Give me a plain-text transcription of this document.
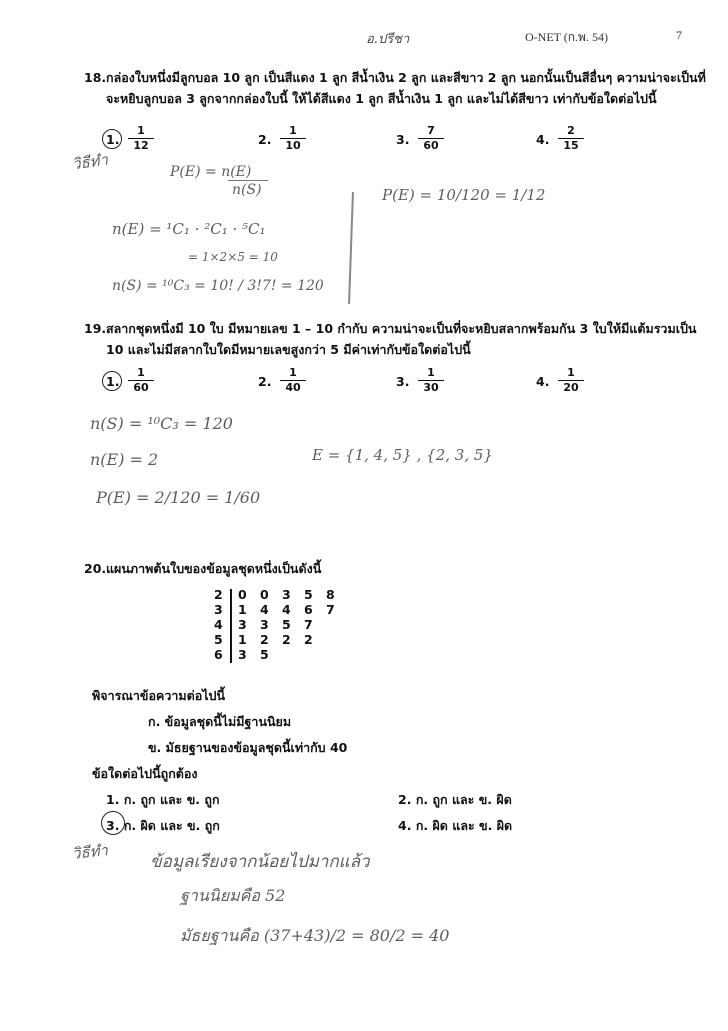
อ.ปรีชา	O-NET (ก.พ. 54)	7
18.กล่องใบหนึ่งมีลูกบอล 10 ลูก เป็นสีแดง 1 ลูก สีน้ำเงิน 2 ลูก และสีขาว 2 ลูก นอกนั้นเป็นสีอื่นๆ ความน่าจะเป็นที่
จะหยิบลูกบอล 3 ลูกจากกล่องใบนี้ ให้ได้สีแดง 1 ลูก สีน้ำเงิน 1 ลูก และไม่ได้สีขาว เท่ากับข้อใดต่อไปนี้
1. $\frac{1}{12}$	2. $\frac{1}{10}$	3. $\frac{7}{60}$	4. $\frac{2}{15}$
วิธีทำ	P(E) = n(E)
n(S)
n(E) = ¹C₁ · ²C₁ · ⁵C₁
= 1×2×5 = 10
n(S) = ¹⁰C₃ = 10! / 3!7! = 120
P(E) = 10/120 = 1/12
19.สลากชุดหนึ่งมี 10 ใบ มีหมายเลข 1 – 10 กำกับ ความน่าจะเป็นที่จะหยิบสลากพร้อมกัน 3 ใบให้มีแต้มรวมเป็น
10 และไม่มีสลากใบใดมีหมายเลขสูงกว่า 5 มีค่าเท่ากับข้อใดต่อไปนี้
1. $\frac{1}{60}$	2. $\frac{1}{40}$	3. $\frac{1}{30}$	4. $\frac{1}{20}$
n(S) = ¹⁰C₃ = 120
n(E) = 2	E = {1, 4, 5} , {2, 3, 5}
P(E) = 2/120 = 1/60
20.แผนภาพต้นใบของข้อมูลชุดหนึ่งเป็นดังนี้
2 0 0 3 5 8
3 1 4 4 6 7
4 3 3 5 7
5 1 2 2 2
6 3 5
พิจารณาข้อความต่อไปนี้
ก. ข้อมูลชุดนี้ไม่มีฐานนิยม
ข. มัธยฐานของข้อมูลชุดนี้เท่ากับ 40
ข้อใดต่อไปนี้ถูกต้อง
1. ก. ถูก และ ข. ถูก	2. ก. ถูก และ ข. ผิด
3. ก. ผิด และ ข. ถูก	4. ก. ผิด และ ข. ผิด
วิธีทำ ข้อมูลเรียงจากน้อยไปมากแล้ว
ฐานนิยมคือ 52
มัธยฐานคือ (37+43)/2 = 80/2 = 40
